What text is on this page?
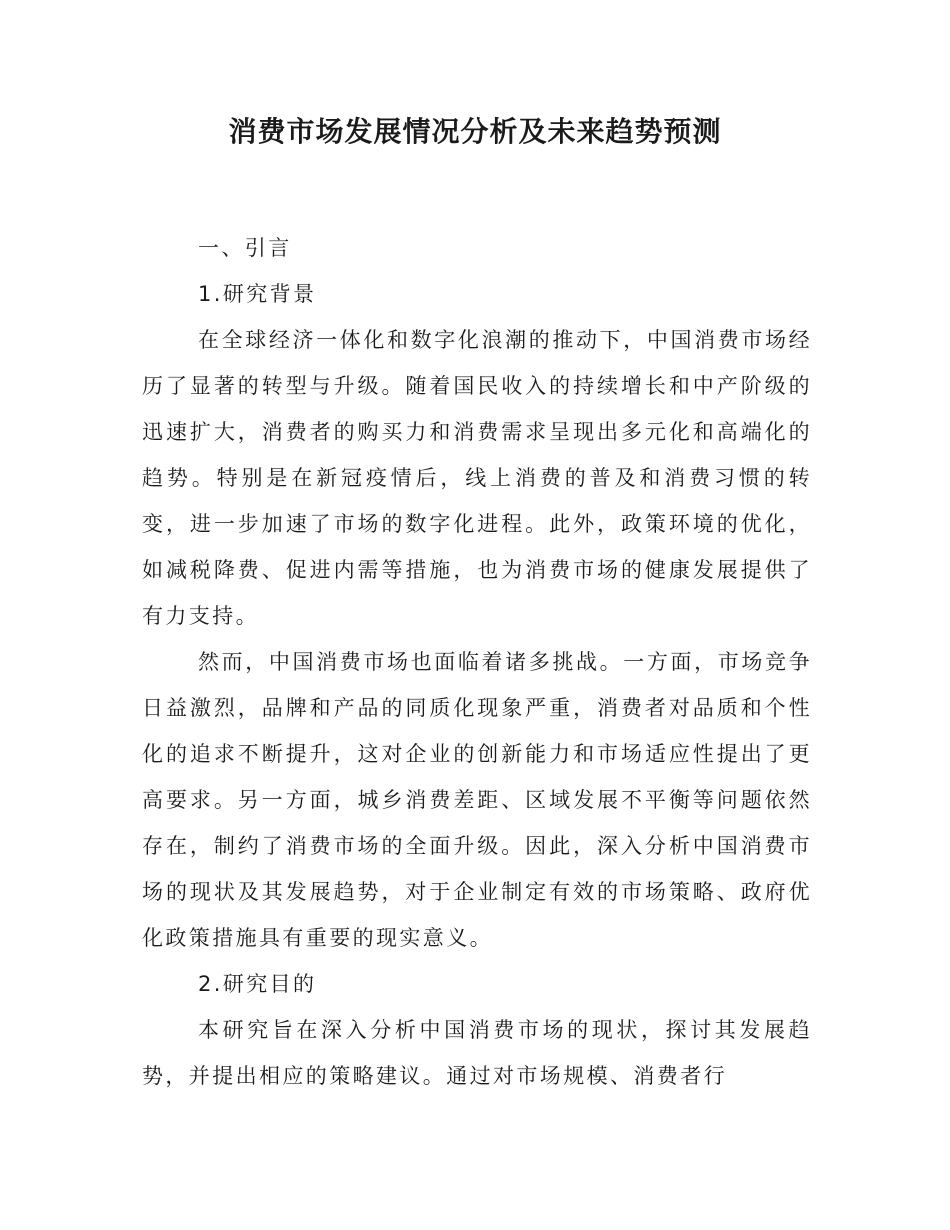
消费市场发展情况分析及未来趋势预测

一、引言

1.研究背景

在全球经济一体化和数字化浪潮的推动下，中国消费市场经历了显著的转型与升级。随着国民收入的持续增长和中产阶级的迅速扩大，消费者的购买力和消费需求呈现出多元化和高端化的趋势。特别是在新冠疫情后，线上消费的普及和消费习惯的转变，进一步加速了市场的数字化进程。此外，政策环境的优化，如减税降费、促进内需等措施，也为消费市场的健康发展提供了有力支持。

然而，中国消费市场也面临着诸多挑战。一方面，市场竞争日益激烈，品牌和产品的同质化现象严重，消费者对品质和个性化的追求不断提升，这对企业的创新能力和市场适应性提出了更高要求。另一方面，城乡消费差距、区域发展不平衡等问题依然存在，制约了消费市场的全面升级。因此，深入分析中国消费市场的现状及其发展趋势，对于企业制定有效的市场策略、政府优化政策措施具有重要的现实意义。

2.研究目的

本研究旨在深入分析中国消费市场的现状，探讨其发展趋势，并提出相应的策略建议。通过对市场规模、消费者行
